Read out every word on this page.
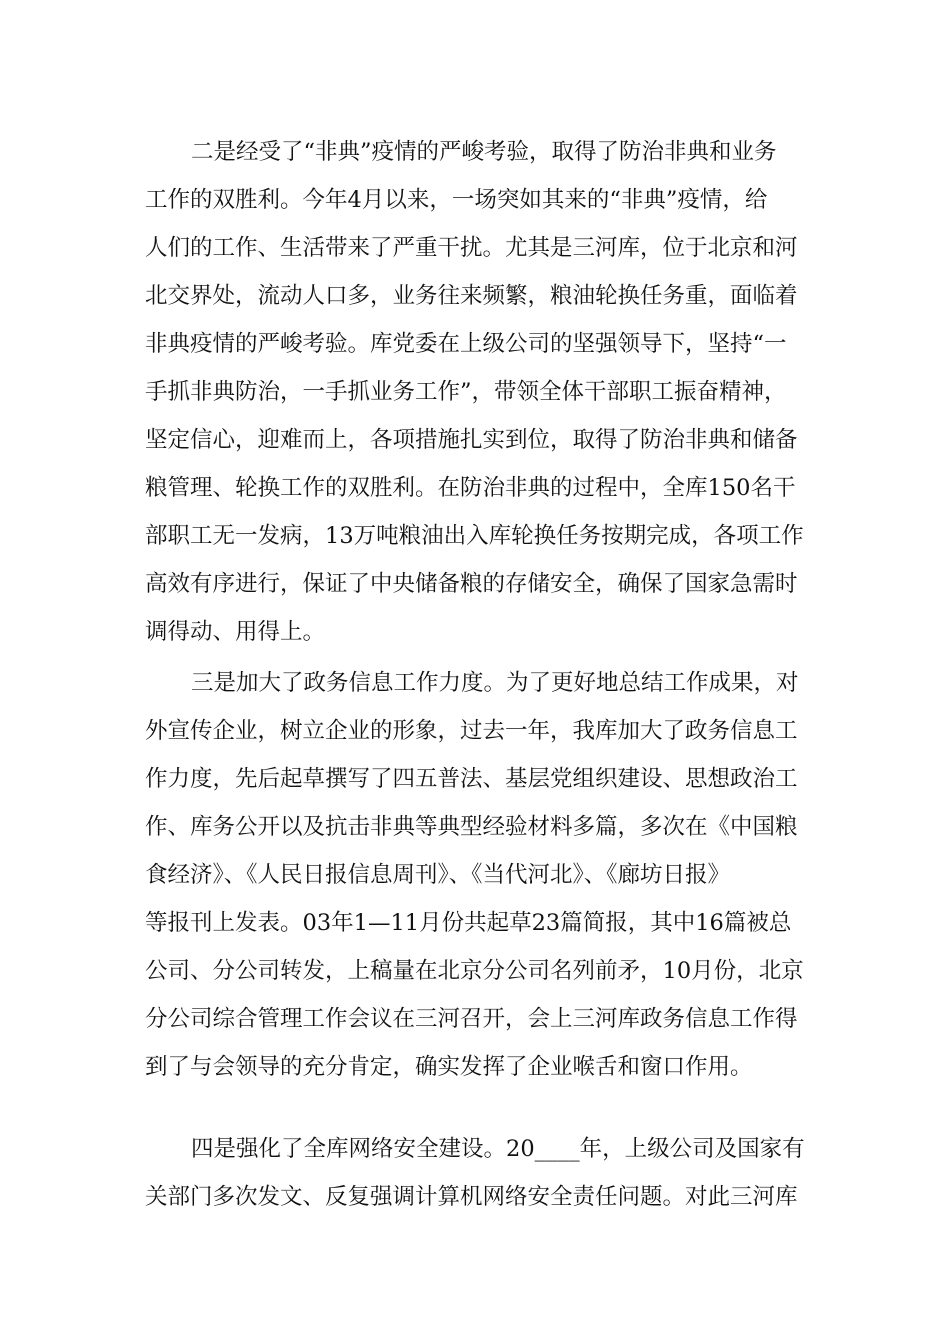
二是经受了“非典”疫情的严峻考验，取得了防治非典和业务
工作的双胜利。今年4月以来，一场突如其来的“非典”疫情，给
人们的工作、生活带来了严重干扰。尤其是三河库，位于北京和河
北交界处，流动人口多，业务往来频繁，粮油轮换任务重，面临着
非典疫情的严峻考验。库党委在上级公司的坚强领导下，坚持“一
手抓非典防治，一手抓业务工作”，带领全体干部职工振奋精神，
坚定信心，迎难而上，各项措施扎实到位，取得了防治非典和储备
粮管理、轮换工作的双胜利。在防治非典的过程中，全库150名干
部职工无一发病，13万吨粮油出入库轮换任务按期完成，各项工作
高效有序进行，保证了中央储备粮的存储安全，确保了国家急需时
调得动、用得上。
三是加大了政务信息工作力度。为了更好地总结工作成果，对
外宣传企业，树立企业的形象，过去一年，我库加大了政务信息工
作力度，先后起草撰写了四五普法、基层党组织建设、思想政治工
作、库务公开以及抗击非典等典型经验材料多篇，多次在《中国粮
食经济》、《人民日报信息周刊》、《当代河北》、《廊坊日报》
等报刊上发表。03年1—11月份共起草23篇简报，其中16篇被总
公司、分公司转发，上稿量在北京分公司名列前矛，10月份，北京
分公司综合管理工作会议在三河召开，会上三河库政务信息工作得
到了与会领导的充分肯定，确实发挥了企业喉舌和窗口作用。
四是强化了全库网络安全建设。20____年，上级公司及国家有
关部门多次发文、反复强调计算机网络安全责任问题。对此三河库
